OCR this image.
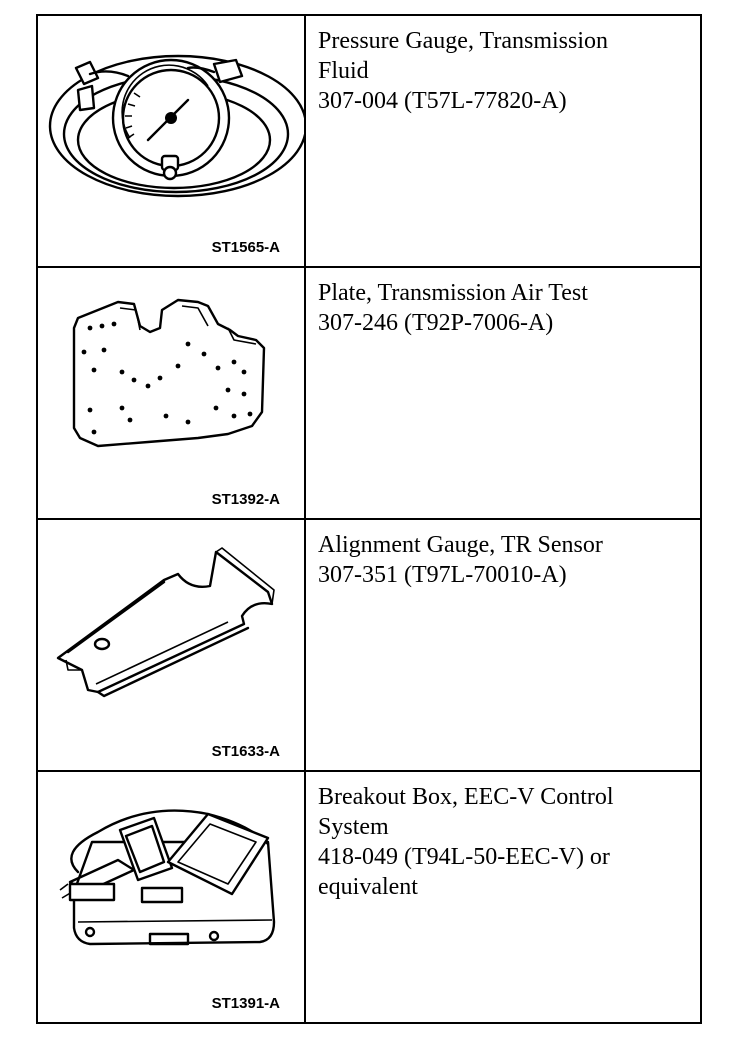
ST1565-A	Pressure Gauge, Transmission
Fluid
307-004 (T57L-77820-A)

ST1392-A	Plate, Transmission Air Test
307-246 (T92P-7006-A)

ST1633-A	Alignment Gauge, TR Sensor
307-351 (T97L-70010-A)

ST1391-A	Breakout Box, EEC-V Control
System
418-049 (T94L-50-EEC-V) or
equivalent
